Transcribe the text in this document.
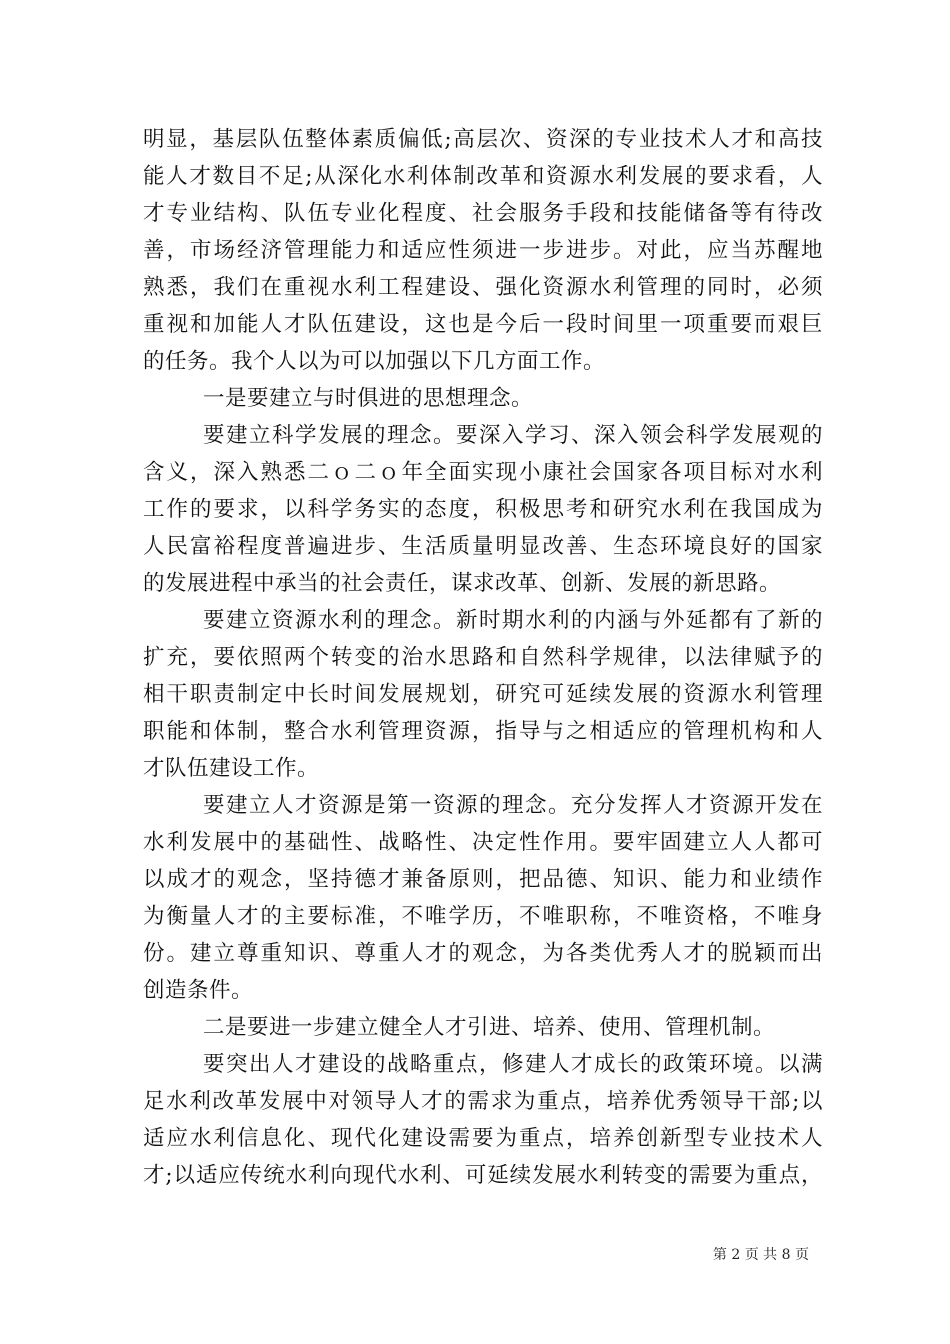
明显，基层队伍整体素质偏低;高层次、资深的专业技术人才和高技
能人才数目不足;从深化水利体制改革和资源水利发展的要求看，人
才专业结构、队伍专业化程度、社会服务手段和技能储备等有待改
善，市场经济管理能力和适应性须进一步进步。对此，应当苏醒地
熟悉，我们在重视水利工程建设、强化资源水利管理的同时，必须
重视和加能人才队伍建设，这也是今后一段时间里一项重要而艰巨
的任务。我个人以为可以加强以下几方面工作。
一是要建立与时俱进的思想理念。
要建立科学发展的理念。要深入学习、深入领会科学发展观的
含义，深入熟悉二ｏ二ｏ年全面实现小康社会国家各项目标对水利
工作的要求，以科学务实的态度，积极思考和研究水利在我国成为
人民富裕程度普遍进步、生活质量明显改善、生态环境良好的国家
的发展进程中承当的社会责任，谋求改革、创新、发展的新思路。
要建立资源水利的理念。新时期水利的内涵与外延都有了新的
扩充，要依照两个转变的治水思路和自然科学规律，以法律赋予的
相干职责制定中长时间发展规划，研究可延续发展的资源水利管理
职能和体制，整合水利管理资源，指导与之相适应的管理机构和人
才队伍建设工作。
要建立人才资源是第一资源的理念。充分发挥人才资源开发在
水利发展中的基础性、战略性、决定性作用。要牢固建立人人都可
以成才的观念，坚持德才兼备原则，把品德、知识、能力和业绩作
为衡量人才的主要标准，不唯学历，不唯职称，不唯资格，不唯身
份。建立尊重知识、尊重人才的观念，为各类优秀人才的脱颖而出
创造条件。
二是要进一步建立健全人才引进、培养、使用、管理机制。
要突出人才建设的战略重点，修建人才成长的政策环境。以满
足水利改革发展中对领导人才的需求为重点，培养优秀领导干部;以
适应水利信息化、现代化建设需要为重点，培养创新型专业技术人
才;以适应传统水利向现代水利、可延续发展水利转变的需要为重点，
第 2 页 共 8 页
